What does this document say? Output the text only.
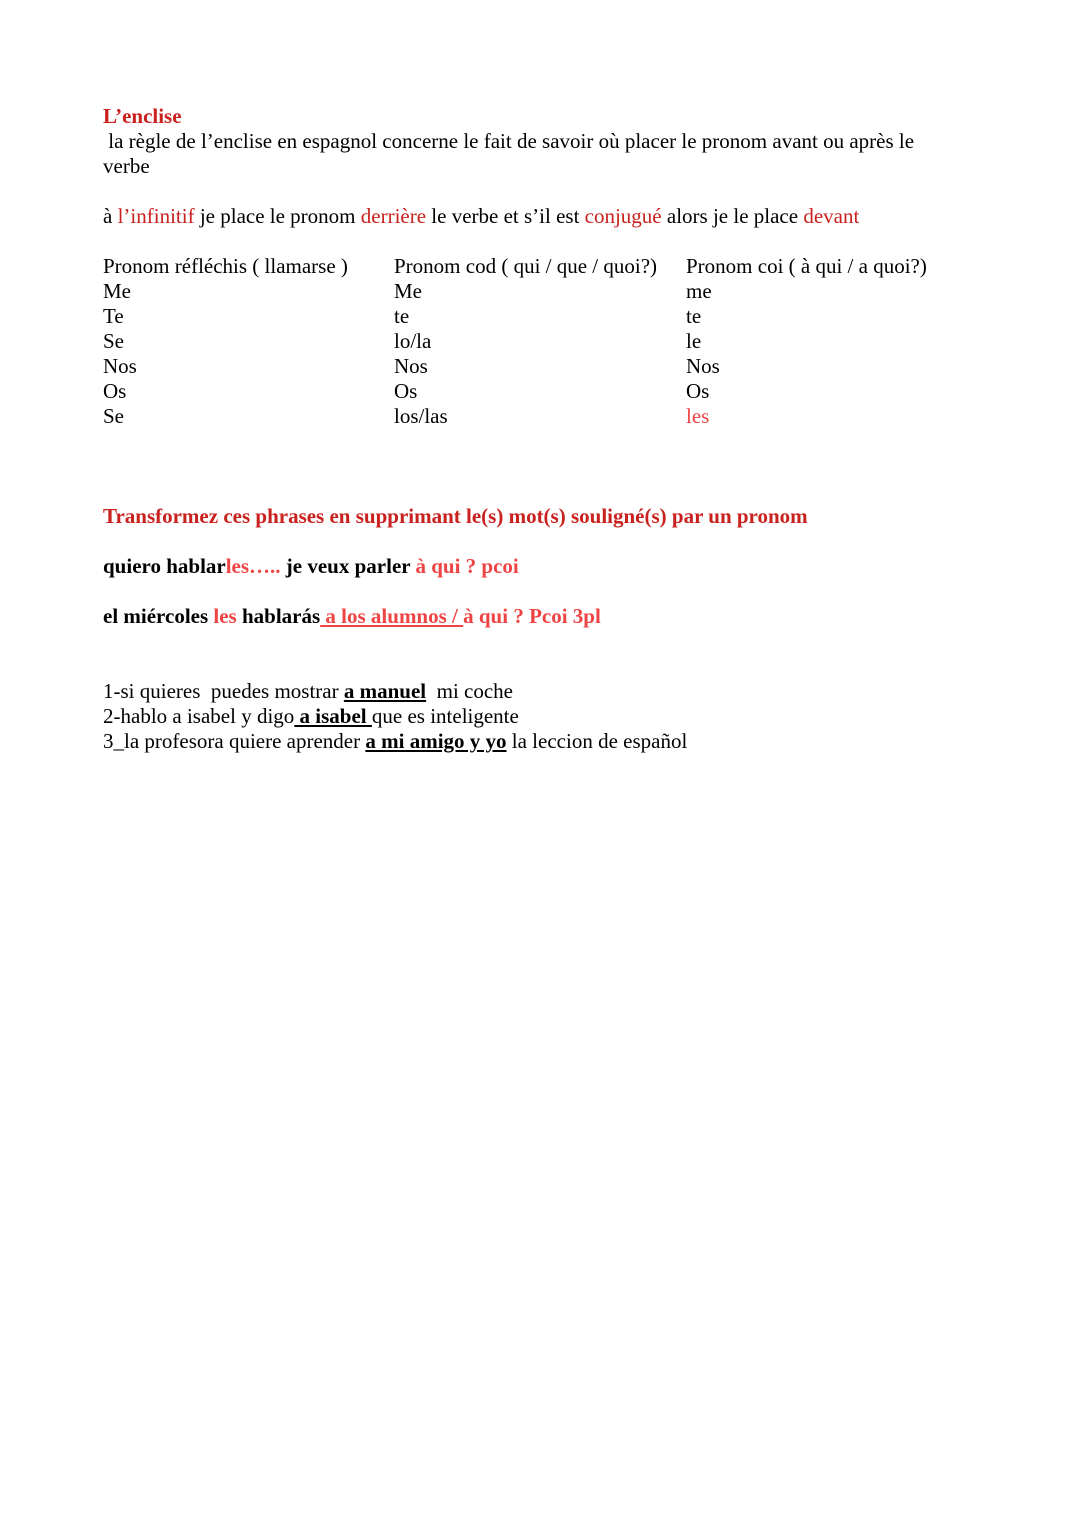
L’enclise
la règle de l’enclise en espagnol concerne le fait de savoir où placer le pronom avant ou après le
verbe
à l’infinitif je place le pronom derrière le verbe et s’il est conjugué alors je le place devant
Pronom réfléchis ( llamarse )
Me
Te
Se
Nos
Os
Se
Pronom cod ( qui / que / quoi?)
Me
te
lo/la
Nos
Os
los/las
Pronom coi ( à qui / a quoi?)
me
te
le
Nos
Os
les
Transformez ces phrases en supprimant le(s) mot(s) souligné(s) par un pronom
quiero hablarles….. je veux parler à qui ? pcoi
el miércoles les hablarás a los alumnos / à qui ? Pcoi 3pl
1-si quieres  puedes mostrar a manuel  mi coche
2-hablo a isabel y digo a isabel que es inteligente
3_la profesora quiere aprender a mi amigo y yo la leccion de español
